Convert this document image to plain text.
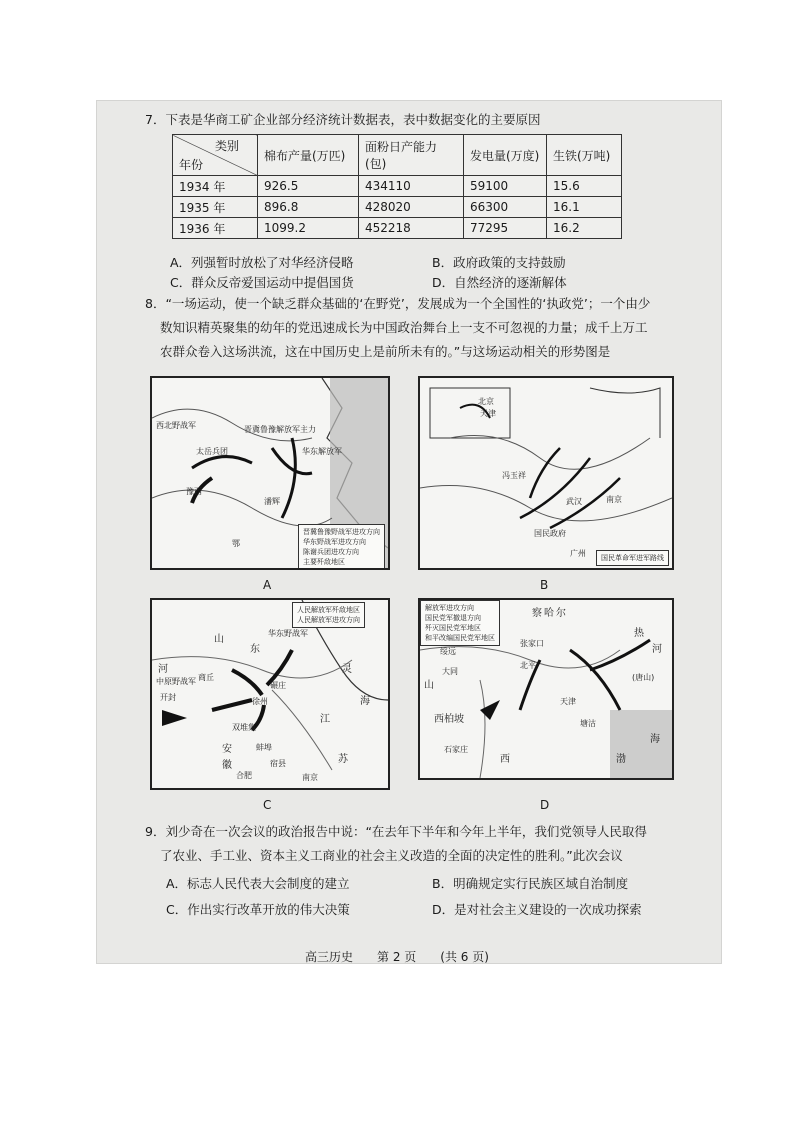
7．下表是华商工矿企业部分经济统计数据表，表中数据变化的主要原因
类别
年份	棉布产量(万匹)	面粉日产能力(包)	发电量(万度)	生铁(万吨)
1934 年	926.5	434110	59100	15.6
1935 年	896.8	428020	66300	16.1
1936 年	1099.2	452218	77295	16.2
A．列强暂时放松了对华经济侵略	B．政府政策的支持鼓励
C．群众反帝爱国运动中提倡国货	D．自然经济的逐渐解体
8．“一场运动，使一个缺乏群众基础的‘在野党’，发展成为一个全国性的‘执政党’；一个由少
数知识精英聚集的幼年的党迅速成长为中国政治舞台上一支不可忽视的力量；成千上万工
农群众卷入这场洪流，这在中国历史上是前所未有的。”与这场运动相关的形势图是
西北野战军
太岳兵团
晋冀鲁豫解放军主力
华东解放军
潘辉
豫西
鄂
晋冀鲁豫野战军进攻方向
华东野战军进攻方向
陈谢兵团进攻方向
主要歼敌地区
A
北京
天津
冯玉祥
国民政府
广州
武汉	南京
国民革命军进军路线
B
山
东
华东野战军
河
中原野战军
开封
商丘
碾庄
徐州
双堆集
安
徽
蚌埠
合肥	南京
江
苏
海
灵
宿县
人民解放军歼敌地区
人民解放军进攻方向
C
察 哈 尔
热
河
绥远
大同
张家口
北平
天津
塘沽
西柏坡
石家庄
山
西	渤
海
(唐山)
解放军进攻方向
国民党军撤退方向
歼灭国民党军地区
和平改编国民党军地区
D
9．刘少奇在一次会议的政治报告中说：“在去年下半年和今年上半年，我们党领导人民取得
了农业、手工业、资本主义工商业的社会主义改造的全面的决定性的胜利。”此次会议
A．标志人民代表大会制度的建立	B．明确规定实行民族区域自治制度
C．作出实行改革开放的伟大决策	D．是对社会主义建设的一次成功探索
高三历史　　第 2 页　　(共 6 页)
